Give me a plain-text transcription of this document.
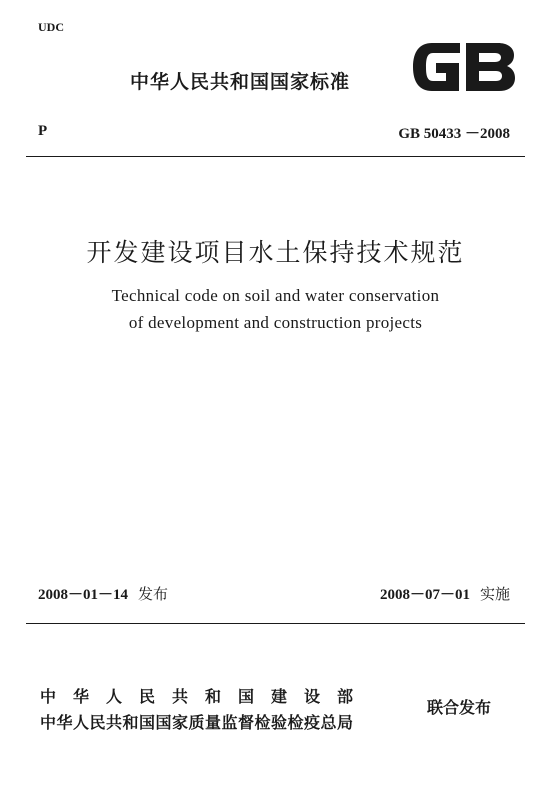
UDC
中华人民共和国国家标准
P	GB 50433 －2008
开发建设项目水土保持技术规范
Technical code on soil and water conservation
of development and construction projects
2008－01－14 发布	2008－07－01 实施
中华人民共和国建设部
中华人民共和国国家质量监督检验检疫总局
联合发布
